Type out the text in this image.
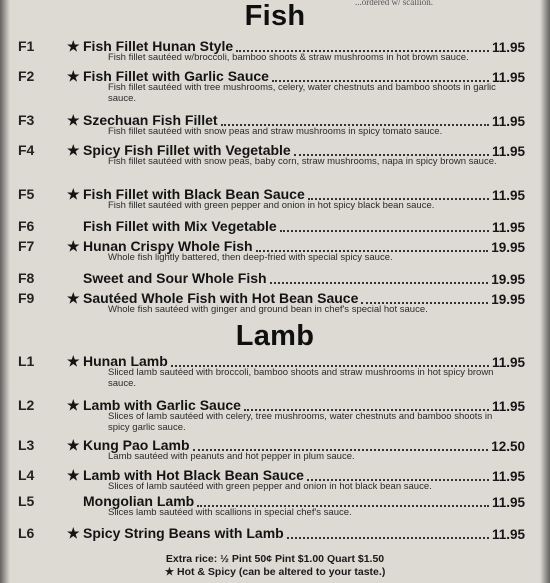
...ordered w/ scallion.
Fish
F1 ★ Fish Fillet Hunan Style	11.95
Fish fillet sautéed w/broccoli, bamboo shoots & straw mushrooms in hot brown sauce.
F2 ★ Fish Fillet with Garlic Sauce	11.95
Fish fillet sautéed with tree mushrooms, celery, water chestnuts and bamboo shoots in garlic sauce.
F3 ★ Szechuan Fish Fillet	11.95
Fish fillet sautéed with snow peas and straw mushrooms in spicy tomato sauce.
F4 ★ Spicy Fish Fillet with Vegetable	11.95
Fish fillet sautéed with snow peas, baby corn, straw mushrooms, napa in spicy brown sauce.
F5 ★ Fish Fillet with Black Bean Sauce	11.95
Fish fillet sautéed with green pepper and onion in hot spicy black bean sauce.
F6	Fish Fillet with Mix Vegetable	11.95
F7 ★ Hunan Crispy Whole Fish	19.95
Whole fish lightly battered, then deep-fried with special spicy sauce.
F8	Sweet and Sour Whole Fish	19.95
F9 ★ Sautéed Whole Fish with Hot Bean Sauce	19.95
Whole fish sautéed with ginger and ground bean in chef's special hot sauce.
Lamb
L1 ★ Hunan Lamb	11.95
Sliced lamb sautéed with broccoli, bamboo shoots and straw mushrooms in hot spicy brown sauce.
L2 ★ Lamb with Garlic Sauce	11.95
Slices of lamb sautéed with celery, tree mushrooms, water chestnuts and bamboo shoots in spicy garlic sauce.
L3 ★ Kung Pao Lamb	12.50
Lamb sautéed with peanuts and hot pepper in plum sauce.
L4 ★ Lamb with Hot Black Bean Sauce	11.95
Slices of lamb sautéed with green pepper and onion in hot black bean sauce.
L5	Mongolian Lamb	11.95
Slices lamb sautéed with scallions in special chef's sauce.
L6 ★ Spicy String Beans with Lamb	11.95
Extra rice: ½ Pint 50¢ Pint $1.00 Quart $1.50
★ Hot & Spicy (can be altered to your taste.)
